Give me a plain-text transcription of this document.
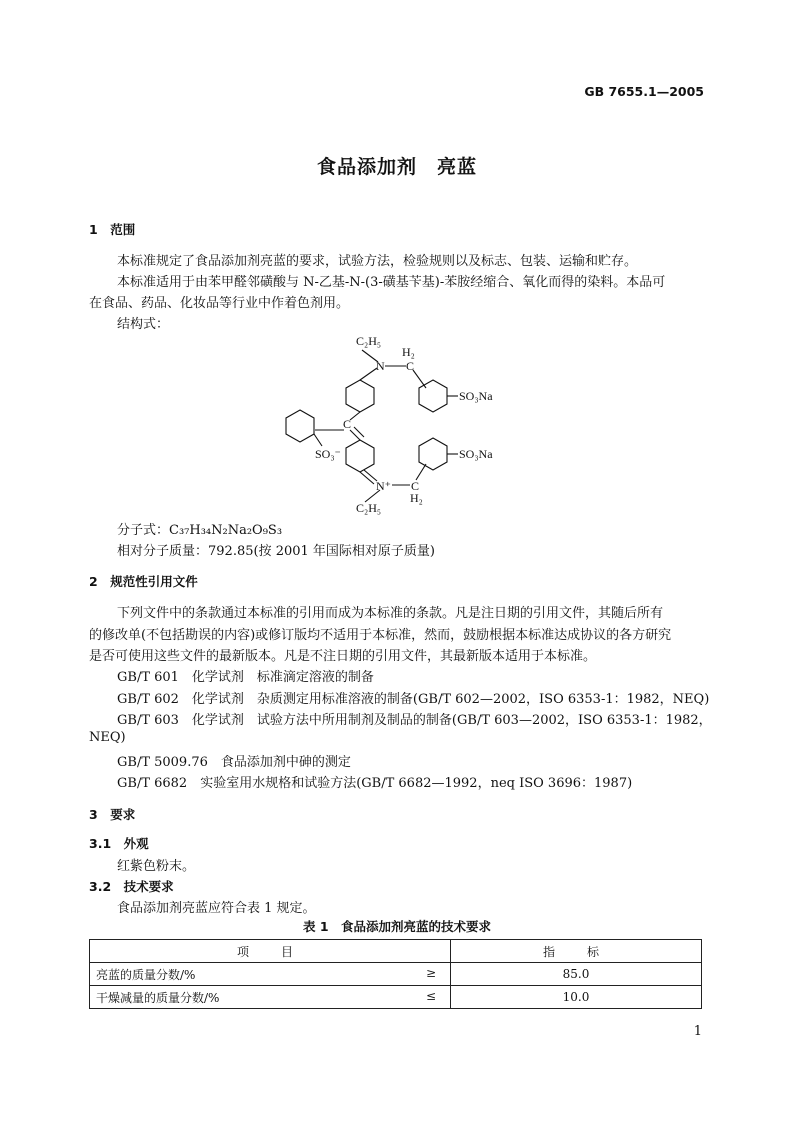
GB 7655.1—2005
食品添加剂　亮蓝
1　范围
本标准规定了食品添加剂亮蓝的要求，试验方法，检验规则以及标志、包装、运输和贮存。
本标准适用于由苯甲醛邻磺酸与 N-乙基-N-(3-磺基苄基)-苯胺经缩合、氧化而得的染料。本品可
在食品、药品、化妆品等行业中作着色剂用。
结构式：
C₂H₅
N
H₂
C
SO₃Na
C
SO₃⁻	SO₃Na
N⁺ C
H₂
C₂H₅
分子式：C₃₇H₃₄N₂Na₂O₉S₃
相对分子质量：792.85(按 2001 年国际相对原子质量)
2　规范性引用文件
下列文件中的条款通过本标准的引用而成为本标准的条款。凡是注日期的引用文件，其随后所有
的修改单(不包括勘误的内容)或修订版均不适用于本标准，然而，鼓励根据本标准达成协议的各方研究
是否可使用这些文件的最新版本。凡是不注日期的引用文件，其最新版本适用于本标准。
GB/T 601　化学试剂　标准滴定溶液的制备
GB/T 602　化学试剂　杂质测定用标准溶液的制备(GB/T 602—2002，ISO 6353-1：1982，NEQ)
GB/T 603　化学试剂　试验方法中所用制剂及制品的制备(GB/T 603—2002，ISO 6353-1：1982，
NEQ)
GB/T 5009.76　食品添加剂中砷的测定
GB/T 6682　实验室用水规格和试验方法(GB/T 6682—1992，neq ISO 3696：1987)
3　要求
3.1　外观
红紫色粉末。
3.2　技术要求
食品添加剂亮蓝应符合表 1 规定。
表 1　食品添加剂亮蓝的技术要求
项　目	指　标
亮蓝的质量分数/% ≥	85.0
干燥减量的质量分数/% ≤	10.0
1
